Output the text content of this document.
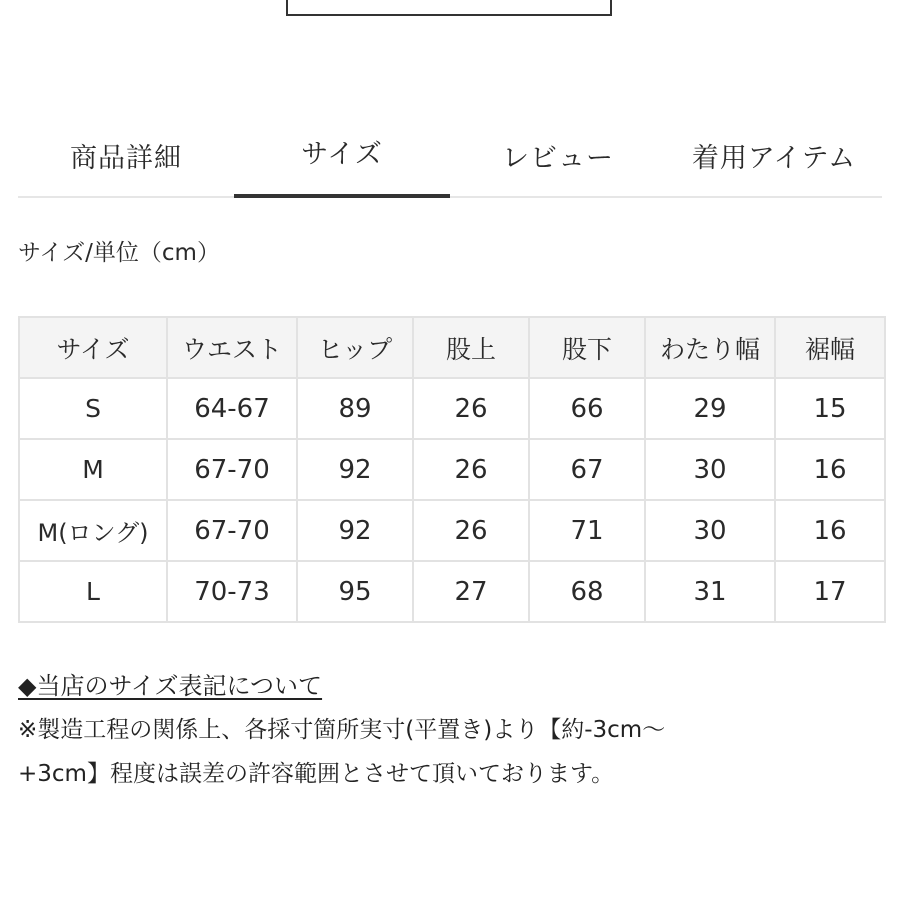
商品詳細	サイズ	レビュー	着用アイテム
サイズ/単位（cm）
サイズ	ウエスト	ヒップ	股上	股下	わたり幅	裾幅
S	64-67	89	26	66	29	15
M	67-70	92	26	67	30	16
M(ロング)	67-70	92	26	71	30	16
L	70-73	95	27	68	31	17
◆当店のサイズ表記について
※製造工程の関係上、各採寸箇所実寸(平置き)より【約-3cm〜
+3cm】程度は誤差の許容範囲とさせて頂いております。
